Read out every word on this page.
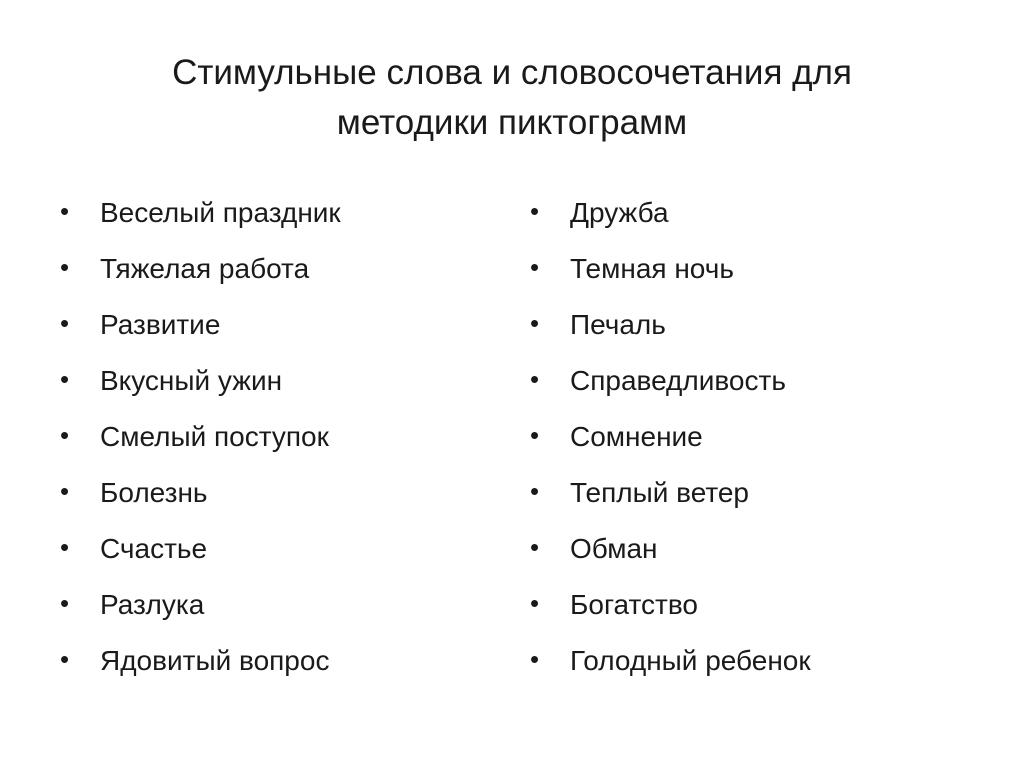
Стимульные слова и словосочетания для
методики пиктограмм
•	Веселый праздник
•	Тяжелая работа
•	Развитие
•	Вкусный ужин
•	Смелый поступок
•	Болезнь
•	Счастье
•	Разлука
•	Ядовитый вопрос
•	Дружба
•	Темная ночь
•	Печаль
•	Справедливость
•	Сомнение
•	Теплый ветер
•	Обман
•	Богатство
•	Голодный ребенок
